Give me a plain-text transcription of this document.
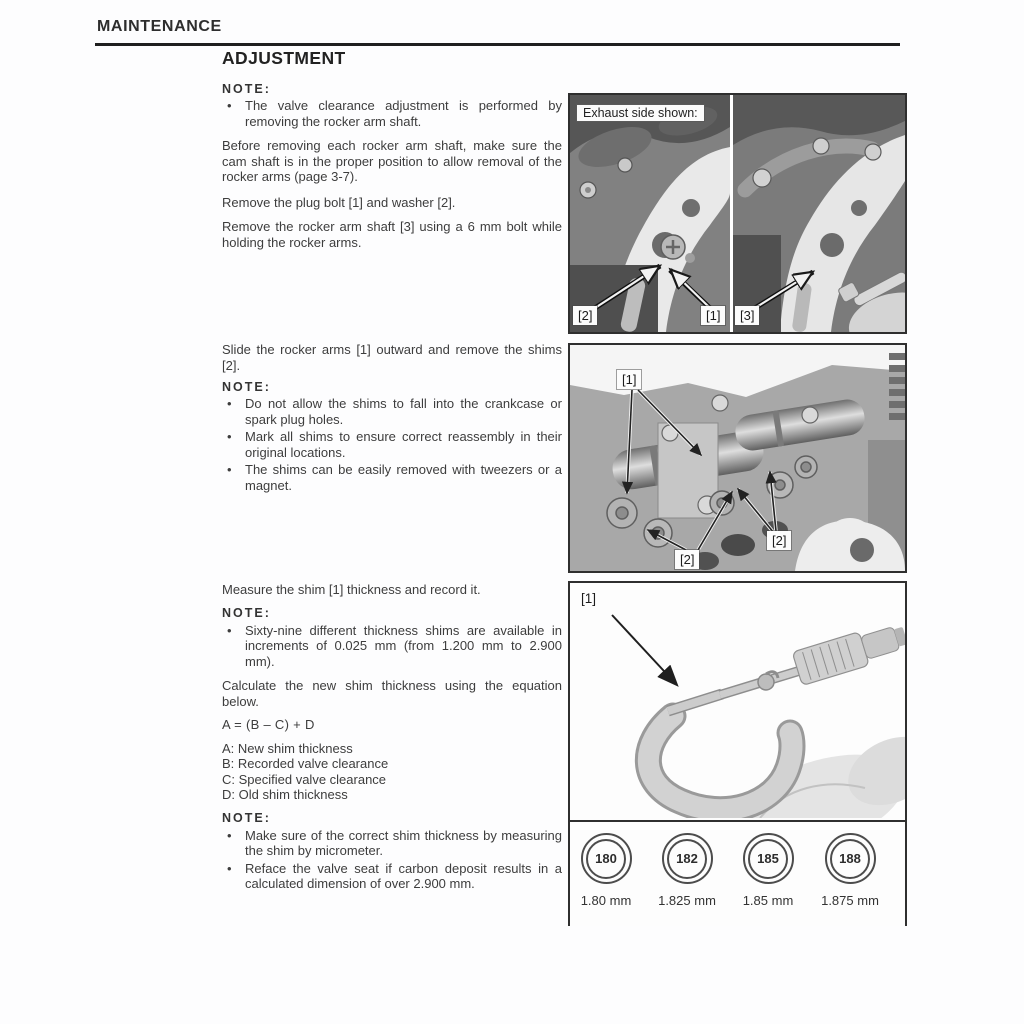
MAINTENANCE
ADJUSTMENT
NOTE:
•	The valve clearance adjustment is performed by removing the rocker arm shaft.
Before removing each rocker arm shaft, make sure the cam shaft is in the proper position to allow removal of the rocker arms (page 3-7).
Remove the plug bolt [1] and washer [2].
Remove the rocker arm shaft [3] using a 6 mm bolt while holding the rocker arms.
Slide the rocker arms [1] outward and remove the shims [2].
NOTE:
•	Do not allow the shims to fall into the crankcase or spark plug holes.
•	Mark all shims to ensure correct reassembly in their original locations.
•	The shims can be easily removed with tweezers or a magnet.
Measure the shim [1] thickness and record it.
NOTE:
•	Sixty-nine different thickness shims are available in increments of 0.025 mm (from 1.200 mm to 2.900 mm).
Calculate the new shim thickness using the equation below.
A = (B – C) + D
A: New shim thickness
B: Recorded valve clearance
C: Specified valve clearance
D: Old shim thickness
NOTE:
•	Make sure of the correct shim thickness by measuring the shim by micrometer.
•	Reface the valve seat if carbon deposit results in a calculated dimension of over 2.900 mm.
Exhaust side shown:
[2]	[1]	[3]
[1]
[2]
[2]
[1]
180
1.80 mm
182
1.825 mm
185
1.85 mm
188
1.875 mm
